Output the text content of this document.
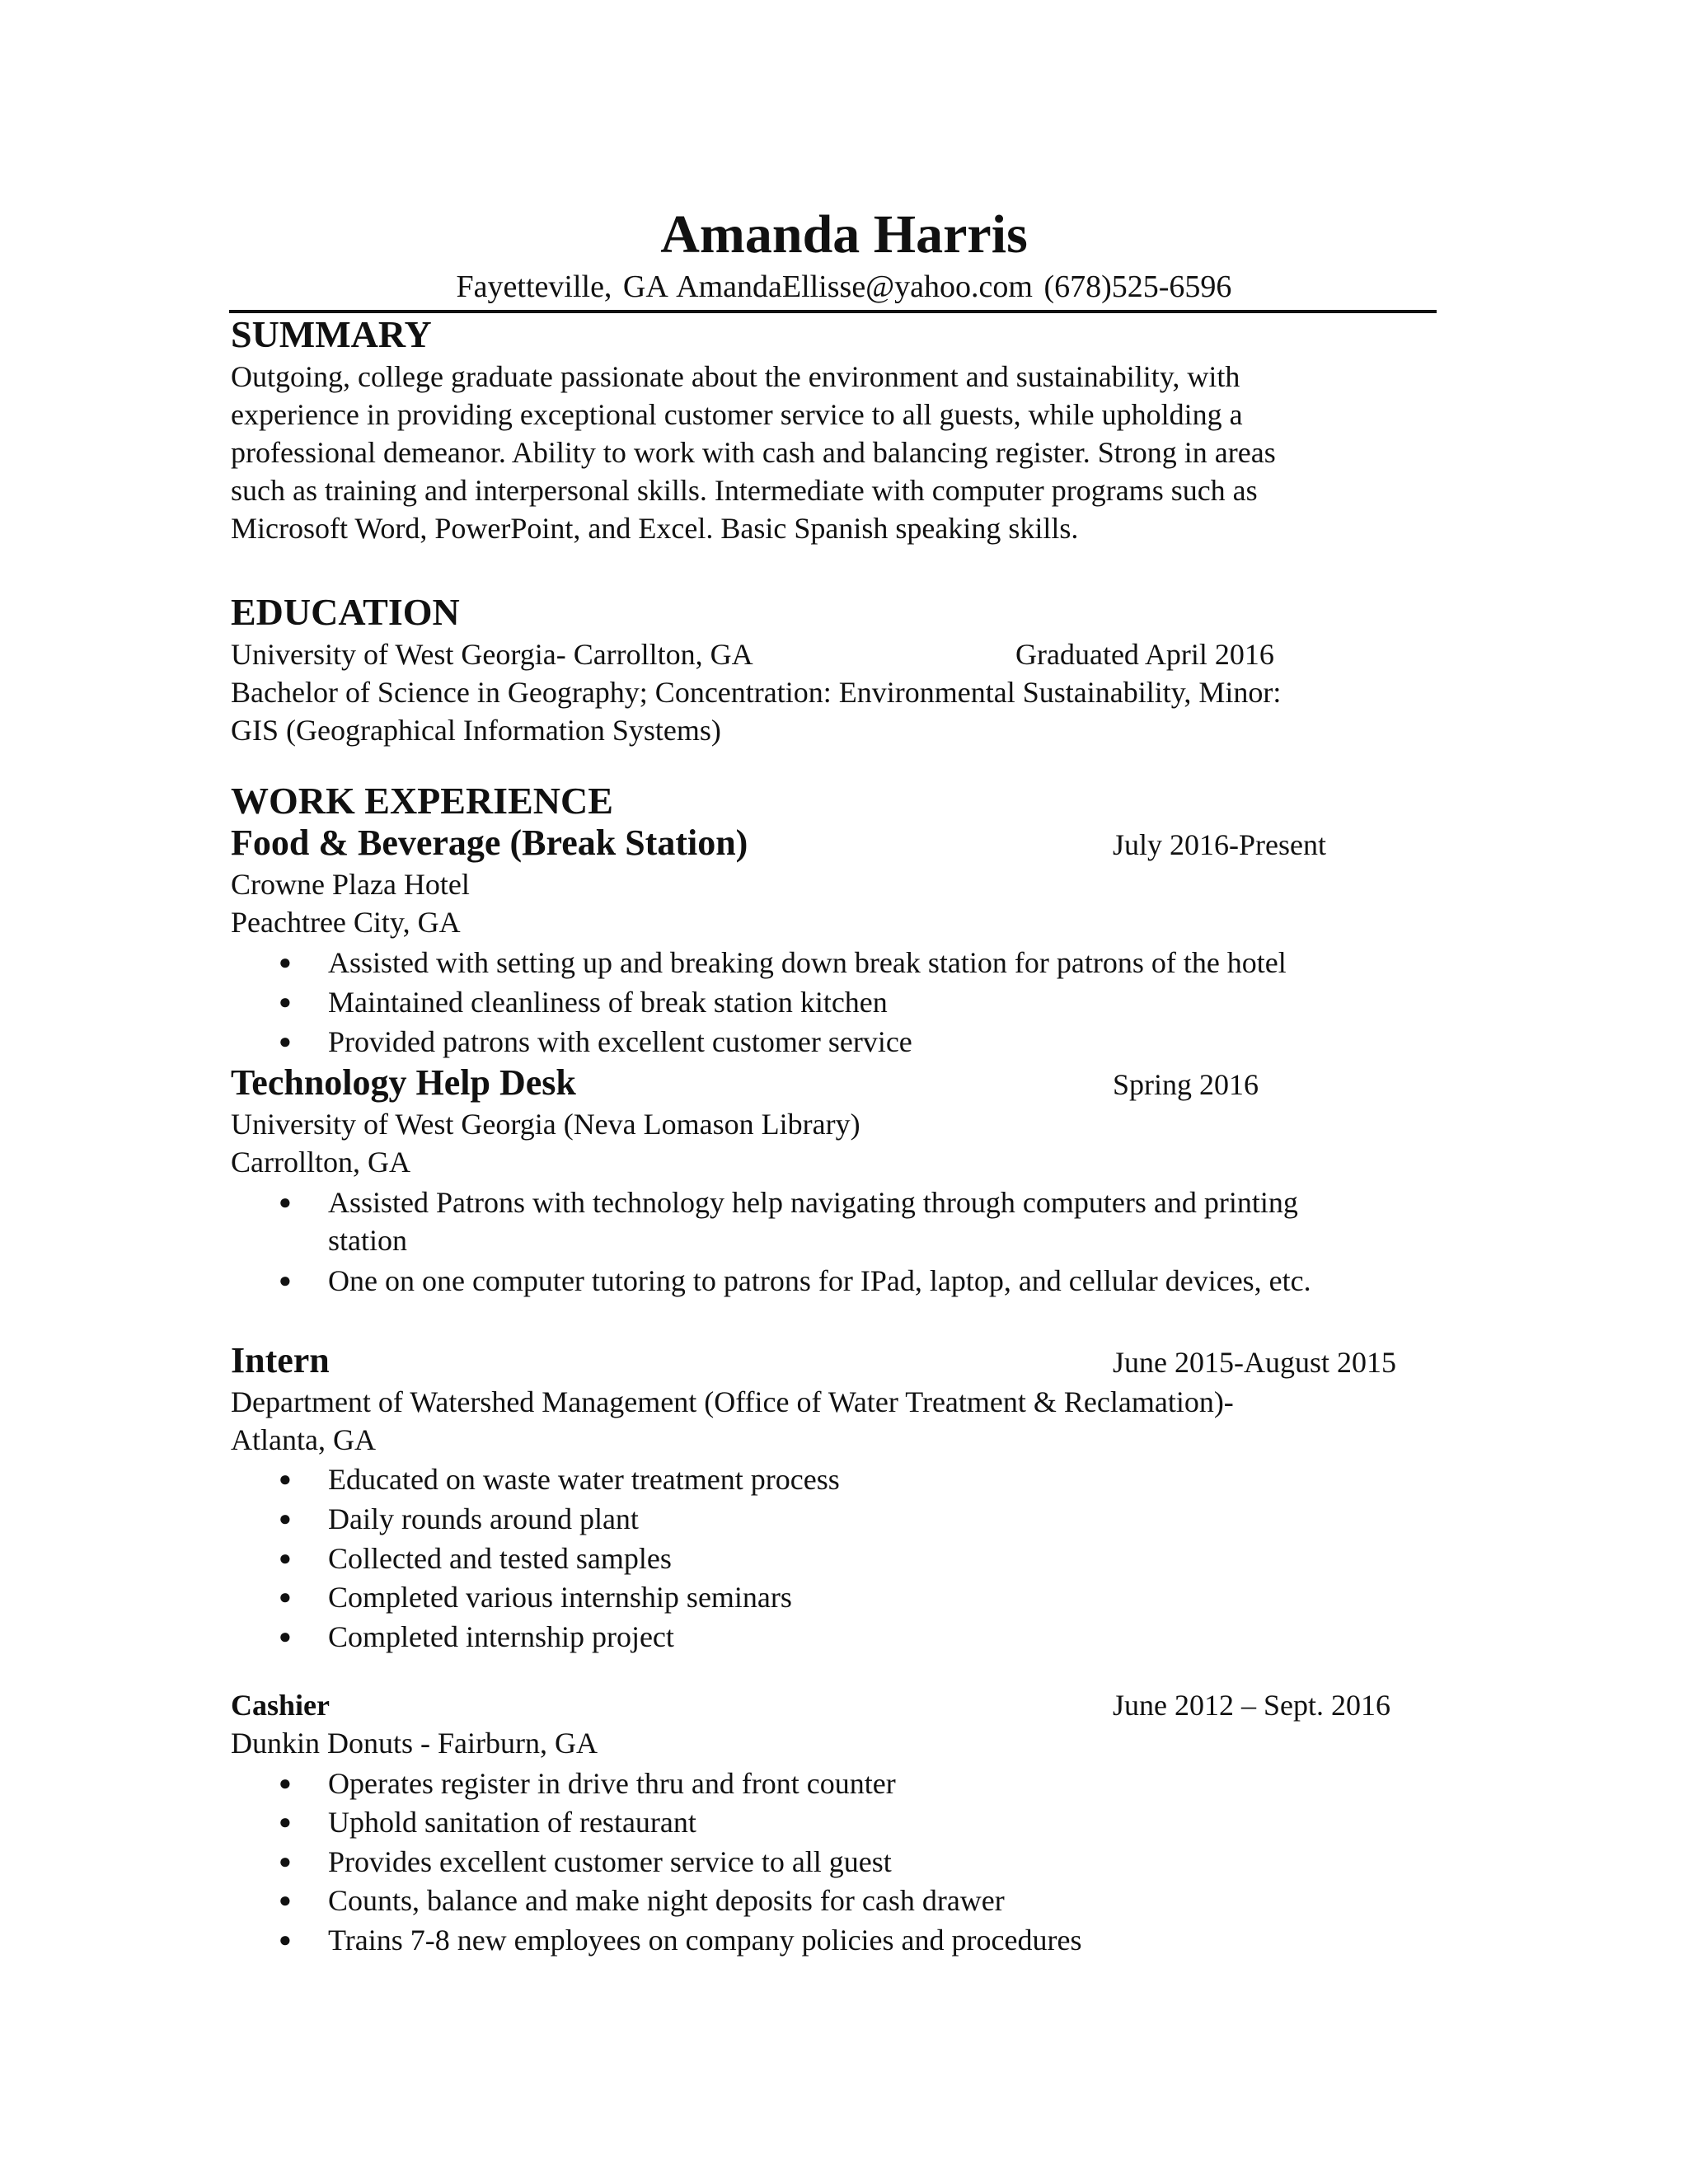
Amanda Harris
Fayetteville, GA AmandaEllisse@yahoo.com (678)525-6596
SUMMARY
Outgoing, college graduate passionate about the environment and sustainability, with
experience in providing exceptional customer service to all guests, while upholding a
professional demeanor. Ability to work with cash and balancing register. Strong in areas
such as training and interpersonal skills. Intermediate with computer programs such as
Microsoft Word, PowerPoint, and Excel. Basic Spanish speaking skills.
EDUCATION
University of West Georgia- Carrollton, GA	Graduated April 2016
Bachelor of Science in Geography; Concentration: Environmental Sustainability, Minor:
GIS (Geographical Information Systems)
WORK EXPERIENCE
Food & Beverage (Break Station)	July 2016-Present
Crowne Plaza Hotel
Peachtree City, GA
● Assisted with setting up and breaking down break station for patrons of the hotel
● Maintained cleanliness of break station kitchen
● Provided patrons with excellent customer service
Technology Help Desk	Spring 2016
University of West Georgia (Neva Lomason Library)
Carrollton, GA
● Assisted Patrons with technology help navigating through computers and printing
station
● One on one computer tutoring to patrons for IPad, laptop, and cellular devices, etc.
Intern	June 2015-August 2015
Department of Watershed Management (Office of Water Treatment & Reclamation)-
Atlanta, GA
● Educated on waste water treatment process
● Daily rounds around plant
● Collected and tested samples
● Completed various internship seminars
● Completed internship project
Cashier	June 2012 – Sept. 2016
Dunkin Donuts - Fairburn, GA
● Operates register in drive thru and front counter
● Uphold sanitation of restaurant
● Provides excellent customer service to all guest
● Counts, balance and make night deposits for cash drawer
● Trains 7-8 new employees on company policies and procedures
